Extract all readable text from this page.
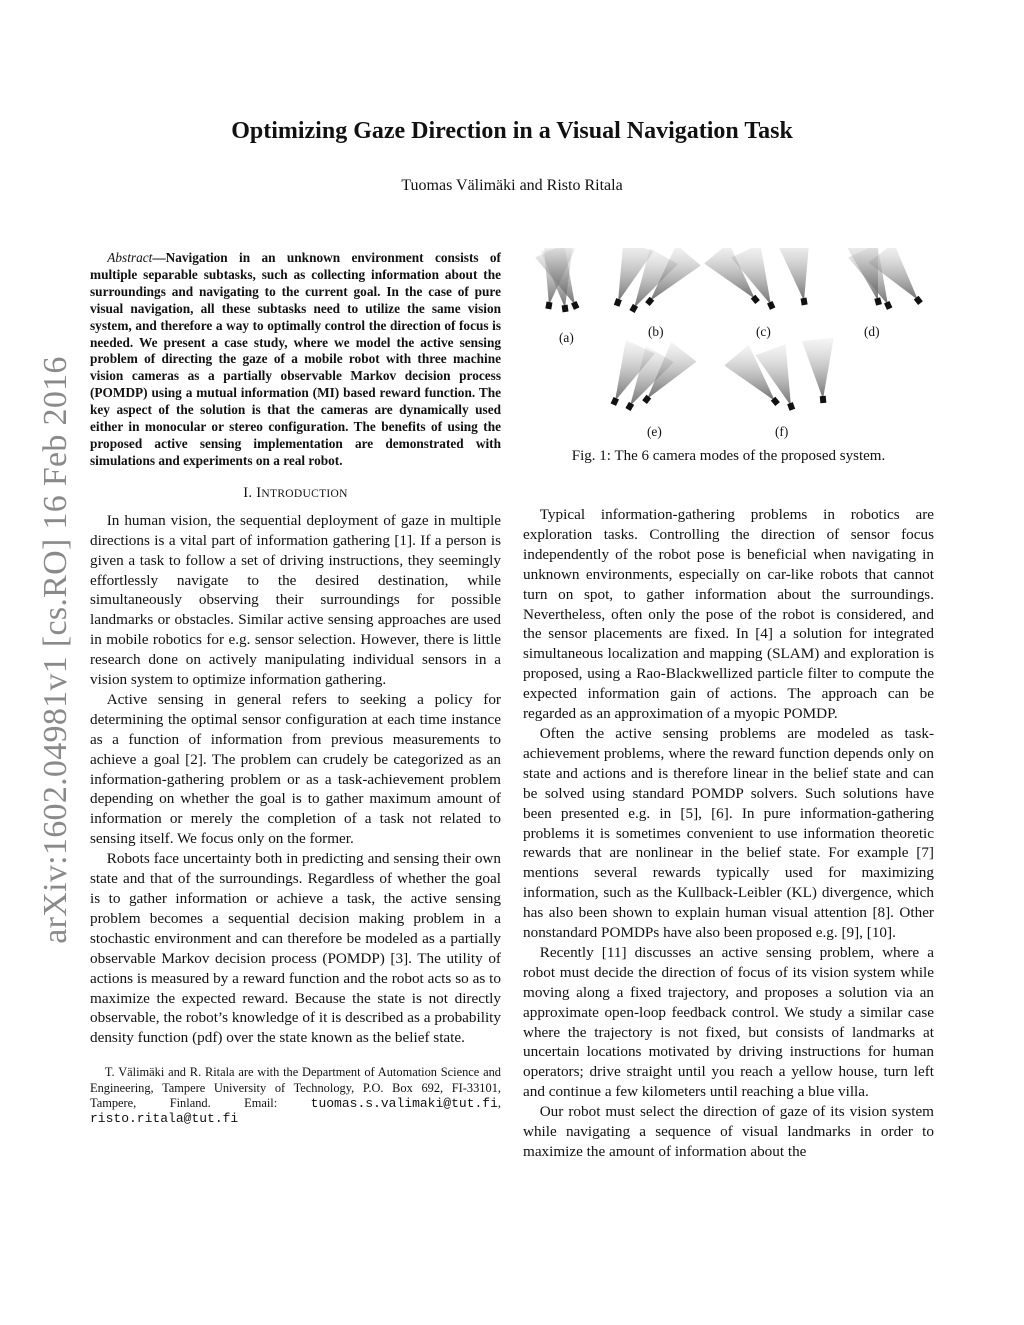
Optimizing Gaze Direction in a Visual Navigation Task
Tuomas Välimäki and Risto Ritala
arXiv:1602.04981v1 [cs.RO] 16 Feb 2016

Abstract—Navigation in an unknown environment consists of multiple separable subtasks, such as collecting information about the surroundings and navigating to the current goal. In the case of pure visual navigation, all these subtasks need to utilize the same vision system, and therefore a way to optimally control the direction of focus is needed. We present a case study, where we model the active sensing problem of directing the gaze of a mobile robot with three machine vision cameras as a partially observable Markov decision process (POMDP) using a mutual information (MI) based reward function. The key aspect of the solution is that the cameras are dynamically used either in monocular or stereo configuration. The benefits of using the proposed active sensing implementation are demonstrated with simulations and experiments on a real robot.

I. INTRODUCTION

In human vision, the sequential deployment of gaze in multiple directions is a vital part of information gathering [1]. If a person is given a task to follow a set of driving instructions, they seemingly effortlessly navigate to the desired destination, while simultaneously observing their surroundings for possible landmarks or obstacles. Similar active sensing approaches are used in mobile robotics for e.g. sensor selection. However, there is little research done on actively manipulating individual sensors in a vision system to optimize information gathering.

Active sensing in general refers to seeking a policy for determining the optimal sensor configuration at each time instance as a function of information from previous measurements to achieve a goal [2]. The problem can crudely be categorized as an information-gathering problem or as a task-achievement problem depending on whether the goal is to gather maximum amount of information or merely the completion of a task not related to sensing itself. We focus only on the former.

Robots face uncertainty both in predicting and sensing their own state and that of the surroundings. Regardless of whether the goal is to gather information or achieve a task, the active sensing problem becomes a sequential decision making problem in a stochastic environment and can therefore be modeled as a partially observable Markov decision process (POMDP) [3]. The utility of actions is measured by a reward function and the robot acts so as to maximize the expected reward. Because the state is not directly observable, the robot’s knowledge of it is described as a probability density function (pdf) over the state known as the belief state.

T. Välimäki and R. Ritala are with the Department of Automation Science and Engineering, Tampere University of Technology, P.O. Box 692, FI-33101, Tampere, Finland. Email: tuomas.s.valimaki@tut.fi, risto.ritala@tut.fi
(a)	(b)	(c)	(d)
(e)	(f)

Fig. 1: The 6 camera modes of the proposed system.

Typical information-gathering problems in robotics are exploration tasks. Controlling the direction of sensor focus independently of the robot pose is beneficial when navigating in unknown environments, especially on car-like robots that cannot turn on spot, to gather information about the surroundings. Nevertheless, often only the pose of the robot is considered, and the sensor placements are fixed. In [4] a solution for integrated simultaneous localization and mapping (SLAM) and exploration is proposed, using a Rao-Blackwellized particle filter to compute the expected information gain of actions. The approach can be regarded as an approximation of a myopic POMDP.

Often the active sensing problems are modeled as task-achievement problems, where the reward function depends only on state and actions and is therefore linear in the belief state and can be solved using standard POMDP solvers. Such solutions have been presented e.g. in [5], [6]. In pure information-gathering problems it is sometimes convenient to use information theoretic rewards that are nonlinear in the belief state. For example [7] mentions several rewards typically used for maximizing information, such as the Kullback-Leibler (KL) divergence, which has also been shown to explain human visual attention [8]. Other nonstandard POMDPs have also been proposed e.g. [9], [10].

Recently [11] discusses an active sensing problem, where a robot must decide the direction of focus of its vision system while moving along a fixed trajectory, and proposes a solution via an approximate open-loop feedback control. We study a similar case where the trajectory is not fixed, but consists of landmarks at uncertain locations motivated by driving instructions for human operators; drive straight until you reach a yellow house, turn left and continue a few kilometers until reaching a blue villa.

Our robot must select the direction of gaze of its vision system while navigating a sequence of visual landmarks in order to maximize the amount of information about the
